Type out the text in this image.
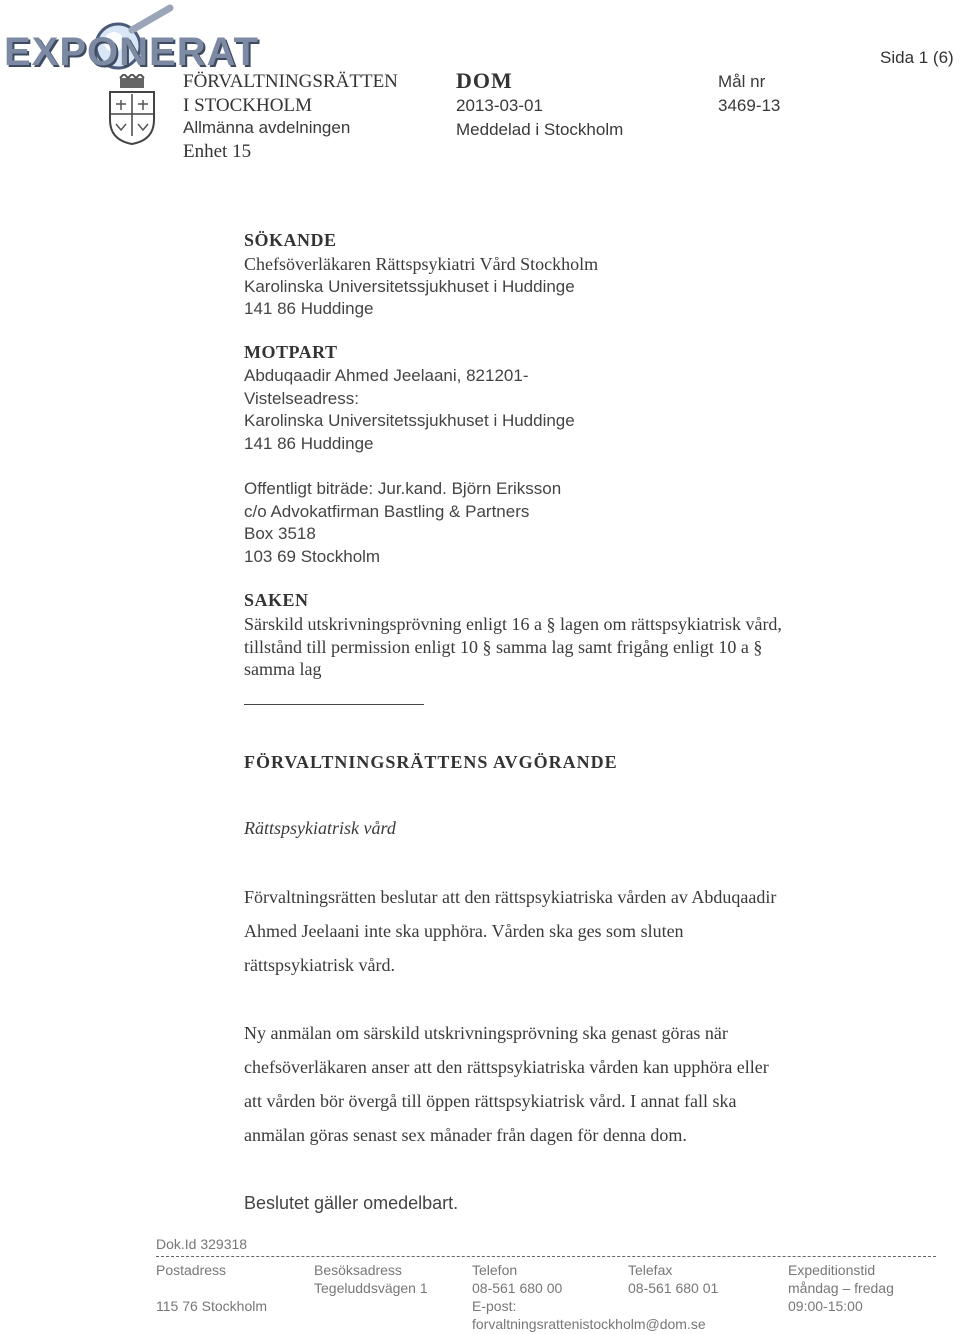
EXPONERAT
FÖRVALTNINGSRÄTTEN
I STOCKHOLM
Allmänna avdelningen
Enhet 15
DOM
2013-03-01
Meddelad i Stockholm
Mål nr
3469-13
Sida 1 (6)
SÖKANDE
Chefsöverläkaren Rättspsykiatri Vård Stockholm
Karolinska Universitetssjukhuset i Huddinge
141 86 Huddinge
MOTPART
Abduqaadir Ahmed Jeelaani, 821201-
Vistelseadress:
Karolinska Universitetssjukhuset i Huddinge
141 86 Huddinge
Offentligt biträde: Jur.kand. Björn Eriksson
c/o Advokatfirman Bastling & Partners
Box 3518
103 69 Stockholm
SAKEN
Särskild utskrivningsprövning enligt 16 a § lagen om rättspsykiatrisk vård,
tillstånd till permission enligt 10 § samma lag samt frigång enligt 10 a §
samma lag
FÖRVALTNINGSRÄTTENS AVGÖRANDE
Rättspsykiatrisk vård
Förvaltningsrätten beslutar att den rättspsykiatriska vården av Abduqaadir
Ahmed Jeelaani inte ska upphöra. Vården ska ges som sluten
rättspsykiatrisk vård.
Ny anmälan om särskild utskrivningsprövning ska genast göras när
chefsöverläkaren anser att den rättspsykiatriska vården kan upphöra eller
att vården bör övergå till öppen rättspsykiatrisk vård. I annat fall ska
anmälan göras senast sex månader från dagen för denna dom.
Beslutet gäller omedelbart.
Dok.Id 329318
Postadress
115 76 Stockholm
Besöksadress
Tegeluddsvägen 1
Telefon
08-561 680 00
E-post:
forvaltningsrattenistockholm@dom.se
Telefax
08-561 680 01
Expeditionstid
måndag – fredag
09:00-15:00
